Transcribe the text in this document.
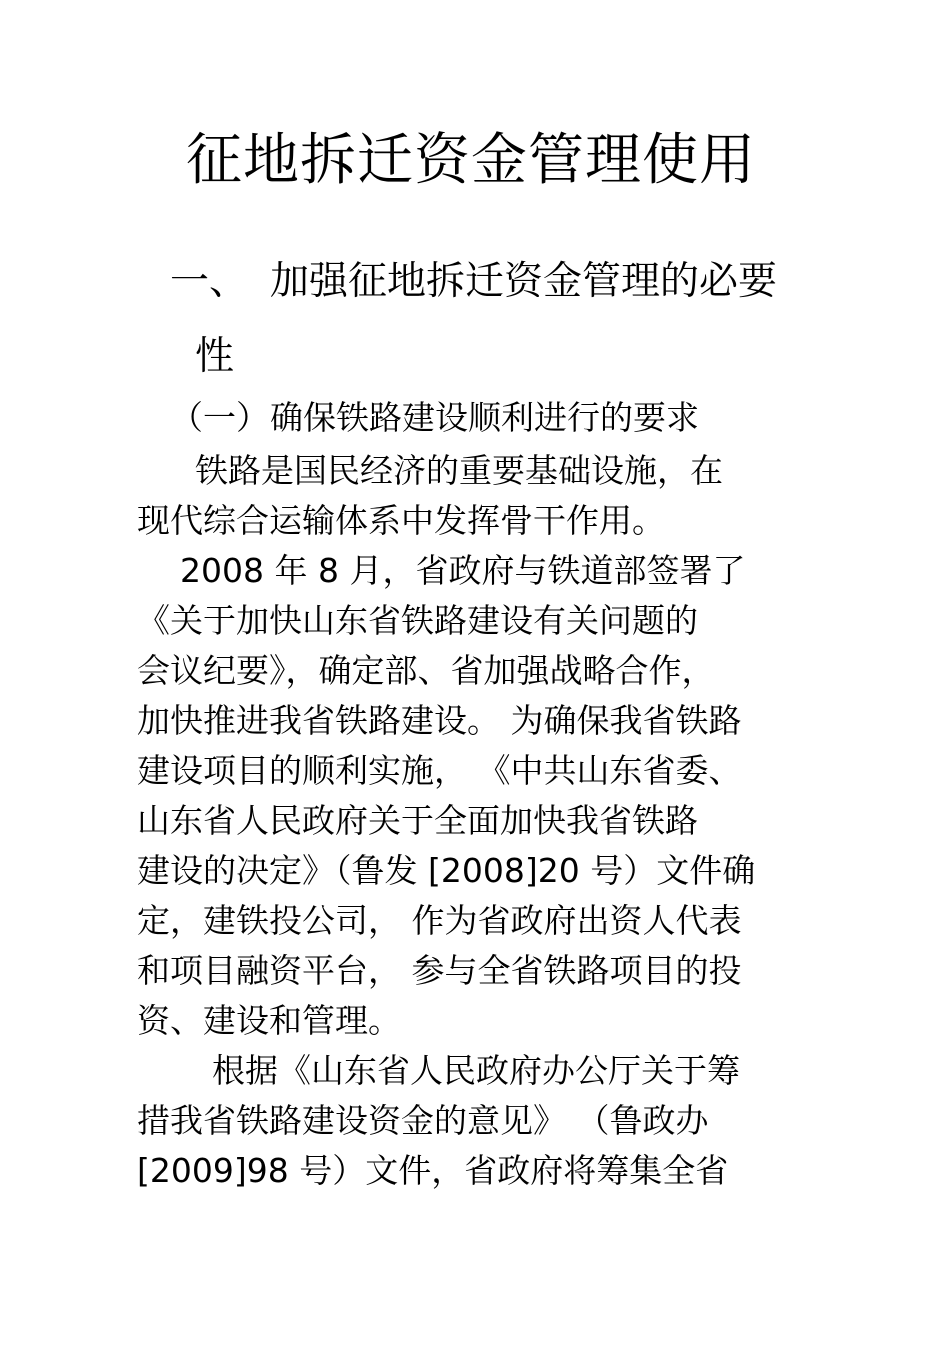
征地拆迁资金管理使用
一、 加强征地拆迁资金管理的必要
性
（一） 确保铁路建设顺利进行的要求
铁路是国民经济的重要基础设施，在
现代综合运输体系中发挥骨干作用。
2008 年 8 月，省政府与铁道部签署了
《关于加快山东省铁路建设有关问题的
会议纪要》，确定部、省加强战略合作，
加快推进我省铁路建设。 为确保我省铁路
建设项目的顺利实施， 《中共山东省委、
山东省人民政府关于全面加快我省铁路
建设的决定》（鲁发 [2008]20 号）文件确
定，建铁投公司， 作为省政府出资人代表
和项目融资平台， 参与全省铁路项目的投
资、建设和管理。
根据《山东省人民政府办公厅关于筹
措我省铁路建设资金的意见》 （鲁政办
[2009]98 号）文件，省政府将筹集全省
